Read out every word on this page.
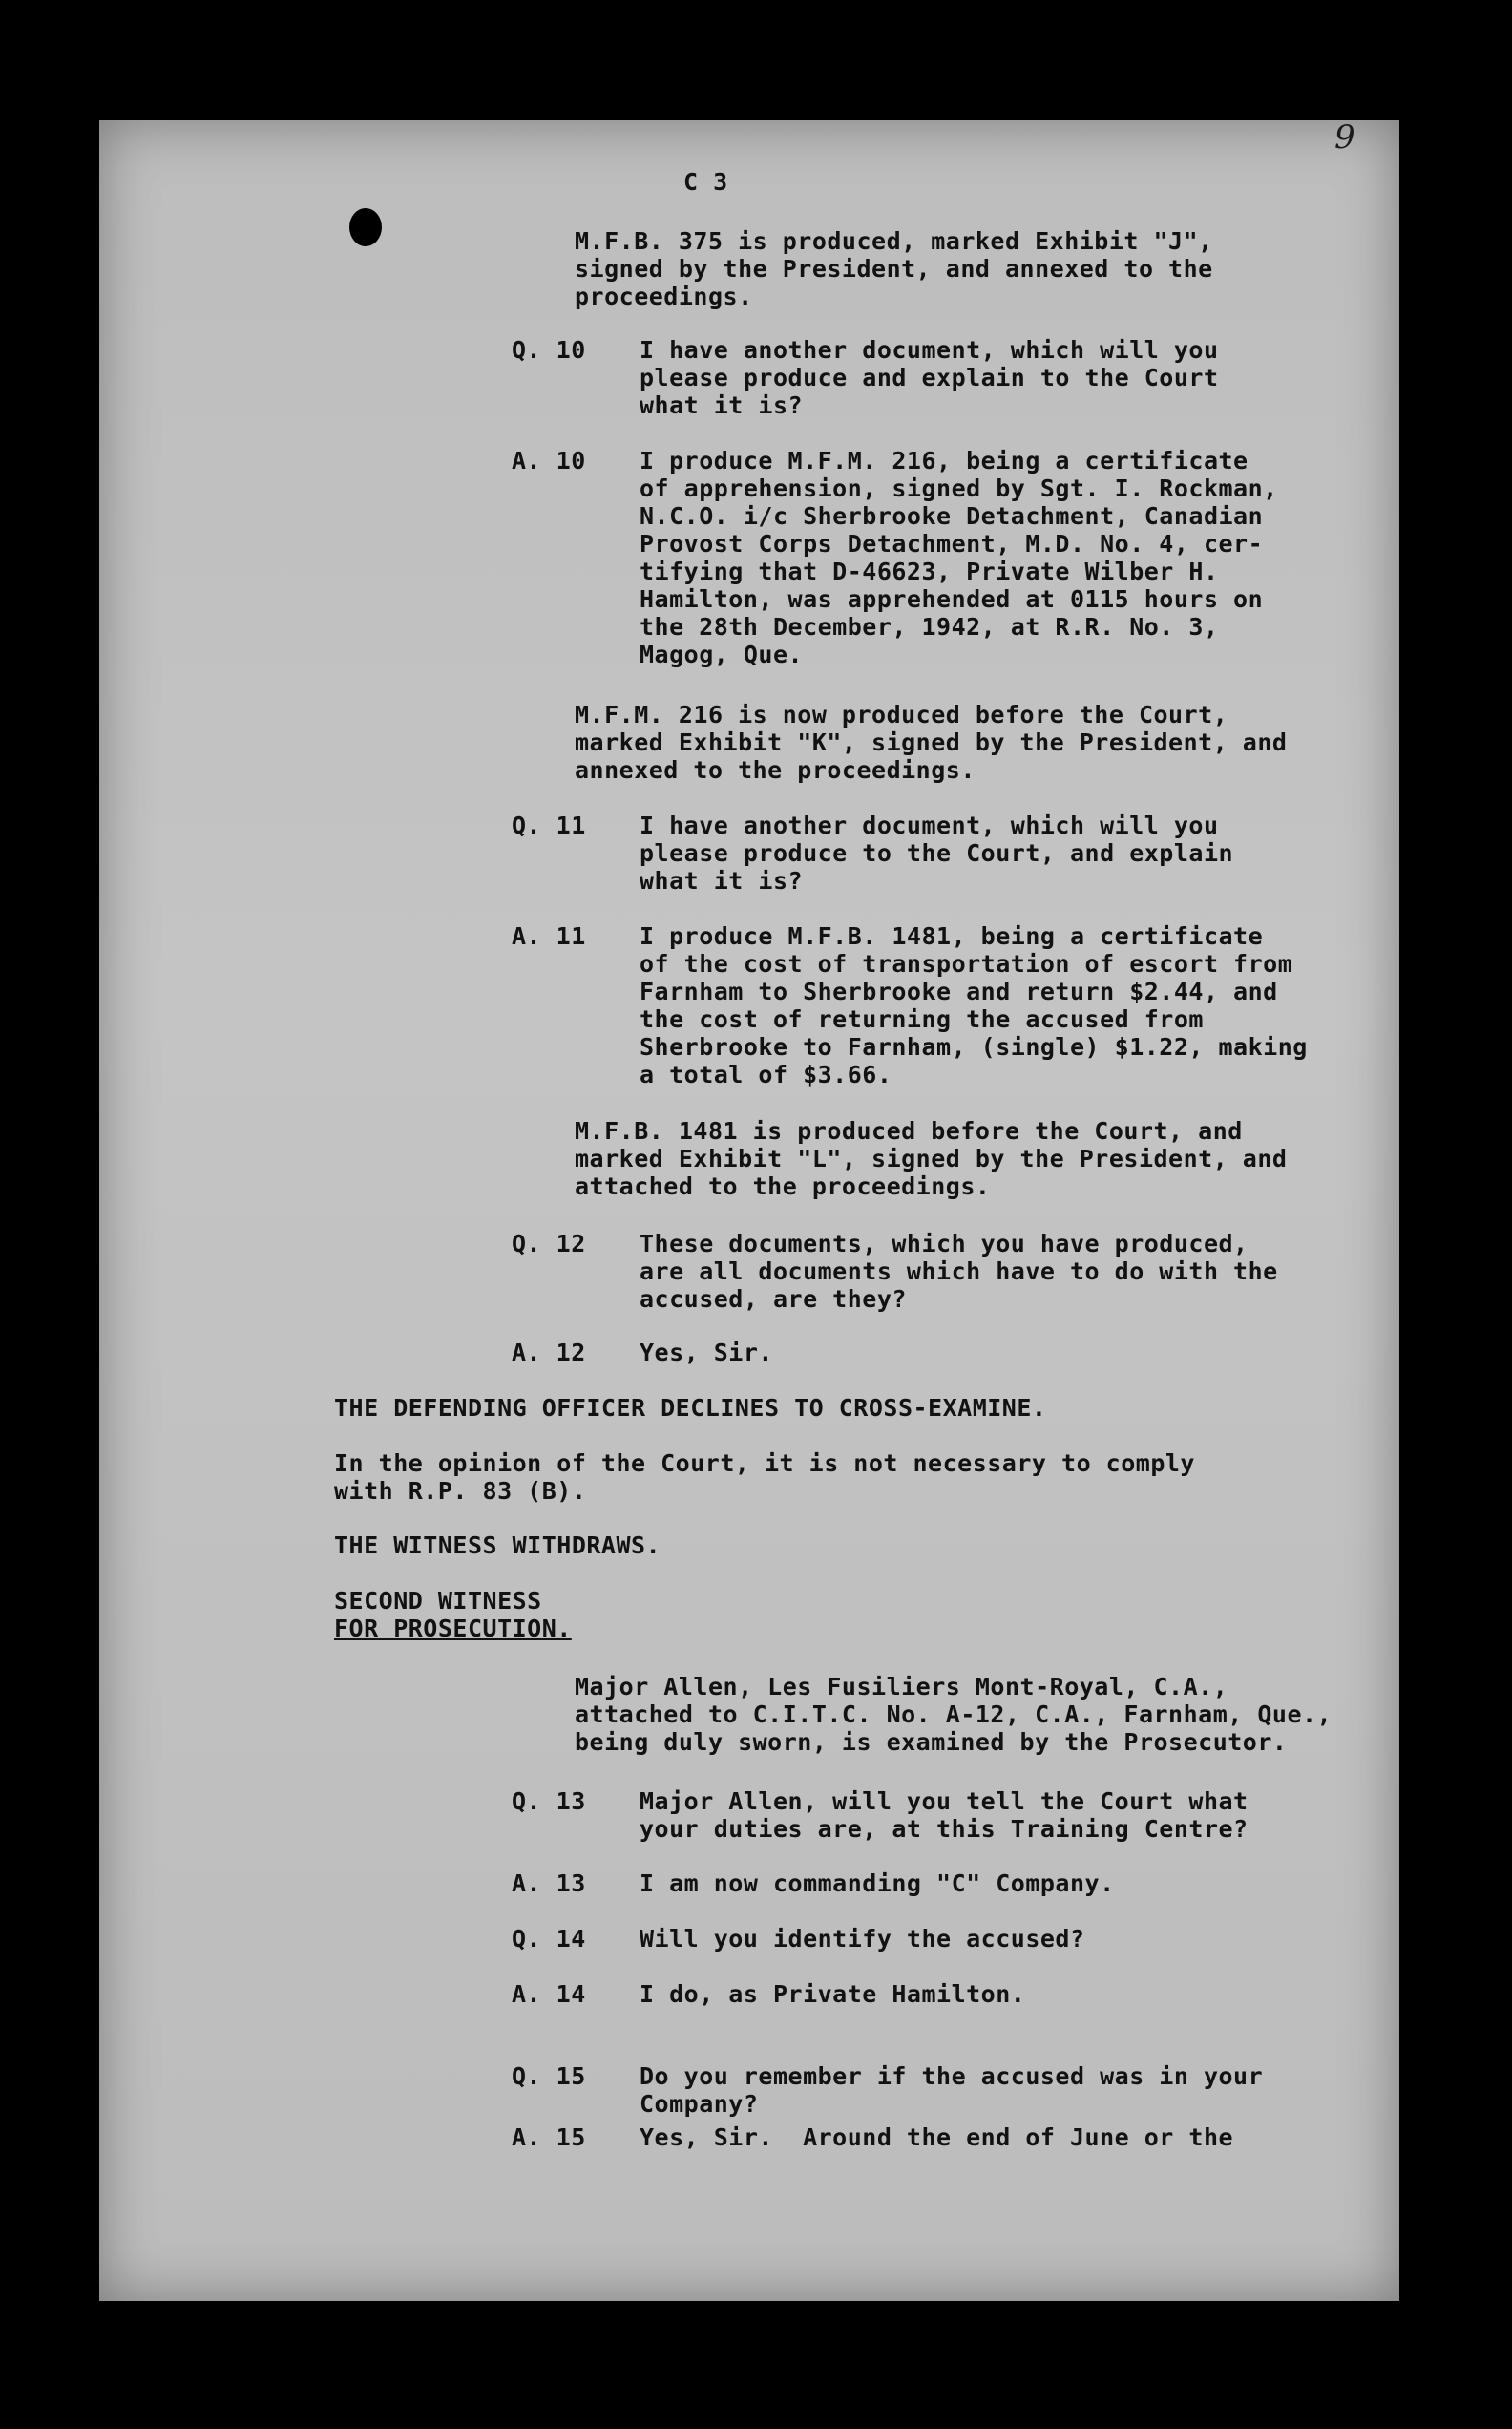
9
C 3
M.F.B. 375 is produced, marked Exhibit "J",
signed by the President, and annexed to the
proceedings.
Q. 10 I have another document, which will you
please produce and explain to the Court
what it is?
A. 10 I produce M.F.M. 216, being a certificate
of apprehension, signed by Sgt. I. Rockman,
N.C.O. i/c Sherbrooke Detachment, Canadian
Provost Corps Detachment, M.D. No. 4, cer-
tifying that D-46623, Private Wilber H.
Hamilton, was apprehended at 0115 hours on
the 28th December, 1942, at R.R. No. 3,
Magog, Que.
M.F.M. 216 is now produced before the Court,
marked Exhibit "K", signed by the President, and
annexed to the proceedings.
Q. 11 I have another document, which will you
please produce to the Court, and explain
what it is?
A. 11 I produce M.F.B. 1481, being a certificate
of the cost of transportation of escort from
Farnham to Sherbrooke and return $2.44, and
the cost of returning the accused from
Sherbrooke to Farnham, (single) $1.22, making
a total of $3.66.
M.F.B. 1481 is produced before the Court, and
marked Exhibit "L", signed by the President, and
attached to the proceedings.
Q. 12 These documents, which you have produced,
are all documents which have to do with the
accused, are they?
A. 12 Yes, Sir.
THE DEFENDING OFFICER DECLINES TO CROSS-EXAMINE.
In the opinion of the Court, it is not necessary to comply
with R.P. 83 (B).
THE WITNESS WITHDRAWS.
SECOND WITNESS
FOR PROSECUTION.
Major Allen, Les Fusiliers Mont-Royal, C.A.,
attached to C.I.T.C. No. A-12, C.A., Farnham, Que.,
being duly sworn, is examined by the Prosecutor.
Q. 13 Major Allen, will you tell the Court what
your duties are, at this Training Centre?
A. 13 I am now commanding "C" Company.
Q. 14 Will you identify the accused?
A. 14 I do, as Private Hamilton.
Q. 15 Do you remember if the accused was in your
Company?
A. 15 Yes, Sir.  Around the end of June or the
